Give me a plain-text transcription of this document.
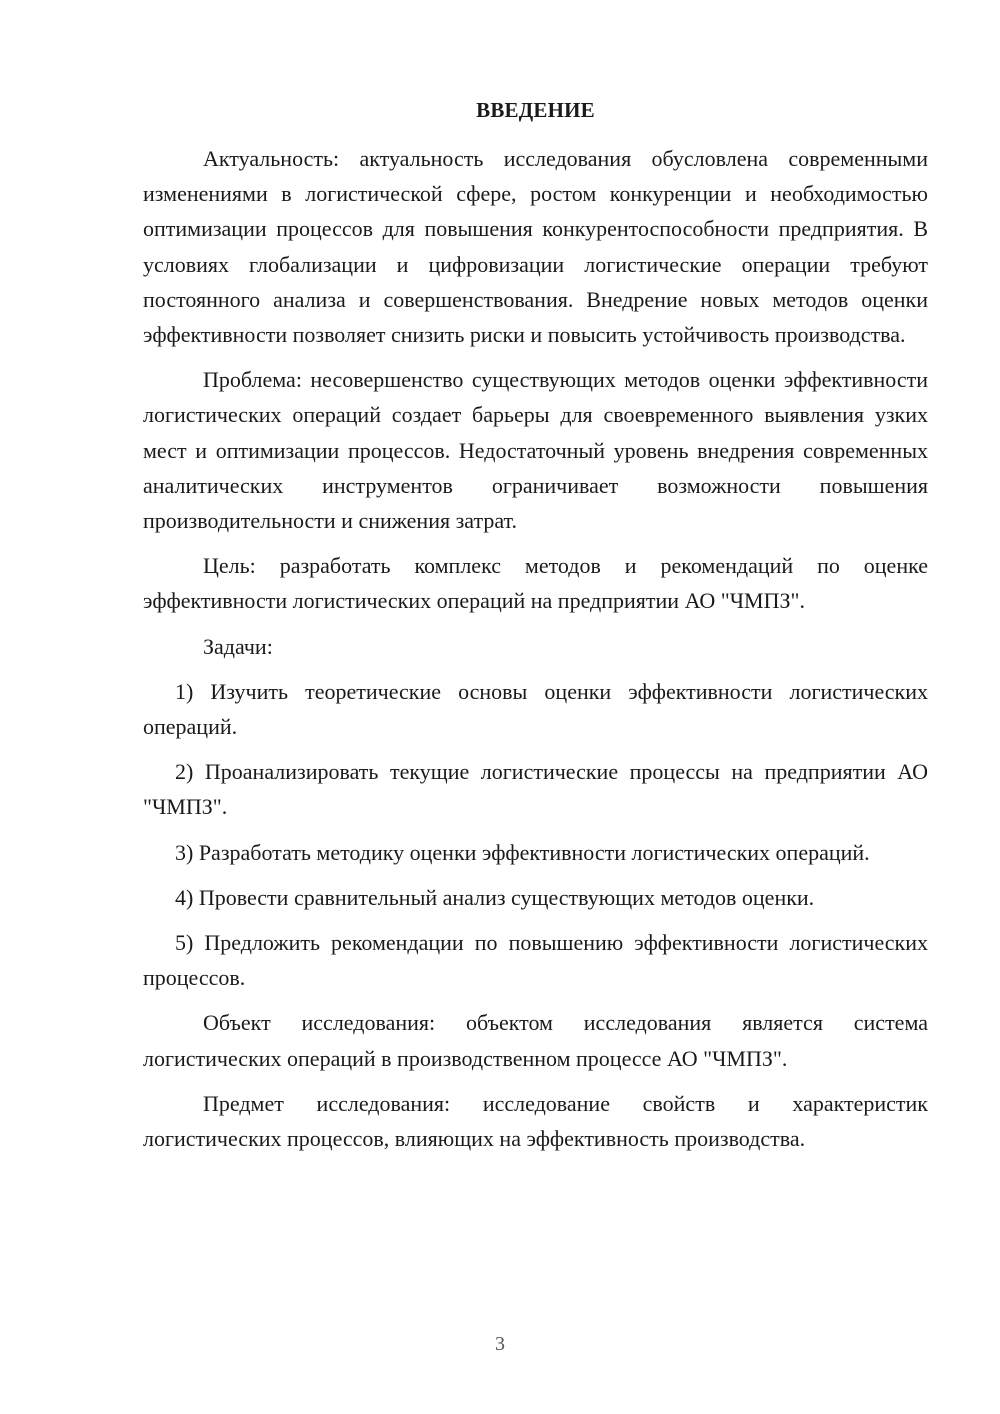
ВВЕДЕНИЕ

Актуальность: актуальность исследования обусловлена современными изменениями в логистической сфере, ростом конкуренции и необходимостью оптимизации процессов для повышения конкурентоспособности предприятия. В условиях глобализации и цифровизации логистические операции требуют постоянного анализа и совершенствования. Внедрение новых методов оценки эффективности позволяет снизить риски и повысить устойчивость производства.

Проблема: несовершенство существующих методов оценки эффективности логистических операций создает барьеры для своевременного выявления узких мест и оптимизации процессов. Недостаточный уровень внедрения современных аналитических инструментов ограничивает возможности повышения производительности и снижения затрат.

Цель: разработать комплекс методов и рекомендаций по оценке эффективности логистических операций на предприятии АО "ЧМПЗ".

Задачи:

1) Изучить теоретические основы оценки эффективности логистических операций.

2) Проанализировать текущие логистические процессы на предприятии АО "ЧМПЗ".

3) Разработать методику оценки эффективности логистических операций.

4) Провести сравнительный анализ существующих методов оценки.

5) Предложить рекомендации по повышению эффективности логистических процессов.

Объект исследования: объектом исследования является система логистических операций в производственном процессе АО "ЧМПЗ".

Предмет исследования: исследование свойств и характеристик логистических процессов, влияющих на эффективность производства.

3
